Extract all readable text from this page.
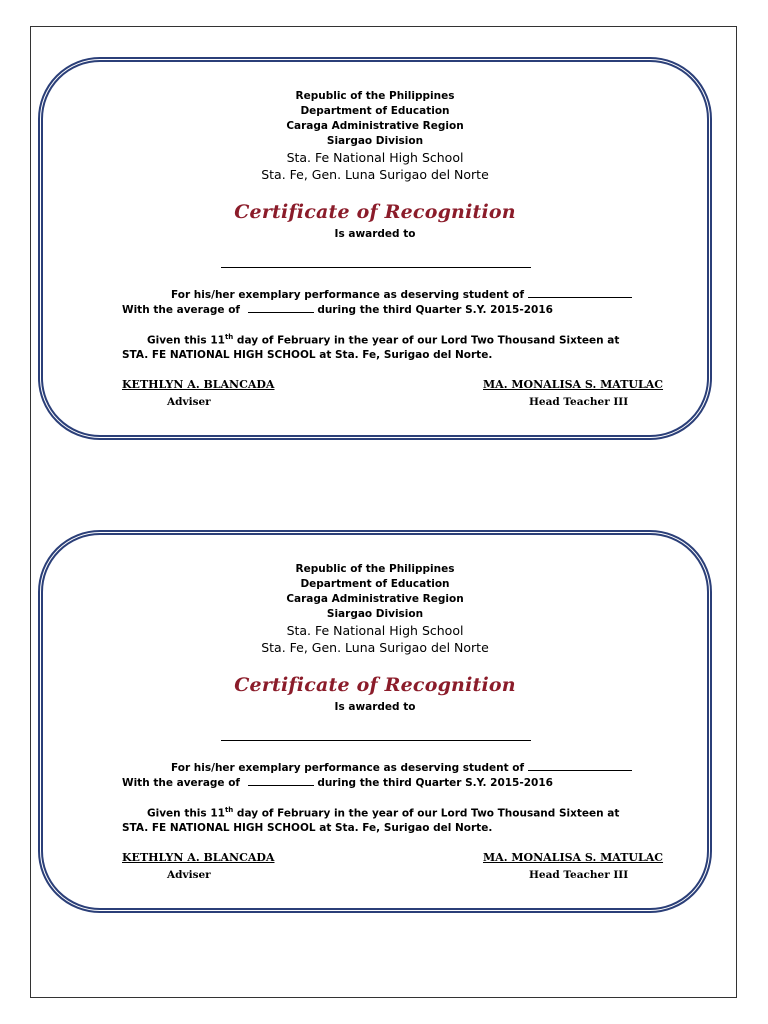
Republic of the Philippines
Department of Education
Caraga Administrative Region
Siargao Division
Sta. Fe National High School
Sta. Fe, Gen. Luna Surigao del Norte
Certificate of Recognition
Is awarded to
For his/her exemplary performance as deserving student of
With the average of	during the third Quarter S.Y. 2015-2016
Given this 11th day of February in the year of our Lord Two Thousand Sixteen at
STA. FE NATIONAL HIGH SCHOOL at Sta. Fe, Surigao del Norte.
KETHLYN A. BLANCADA
Adviser
MA. MONALISA S. MATULAC
Head Teacher III
Republic of the Philippines
Department of Education
Caraga Administrative Region
Siargao Division
Sta. Fe National High School
Sta. Fe, Gen. Luna Surigao del Norte
Certificate of Recognition
Is awarded to
For his/her exemplary performance as deserving student of
With the average of	during the third Quarter S.Y. 2015-2016
Given this 11th day of February in the year of our Lord Two Thousand Sixteen at
STA. FE NATIONAL HIGH SCHOOL at Sta. Fe, Surigao del Norte.
KETHLYN A. BLANCADA
Adviser
MA. MONALISA S. MATULAC
Head Teacher III
